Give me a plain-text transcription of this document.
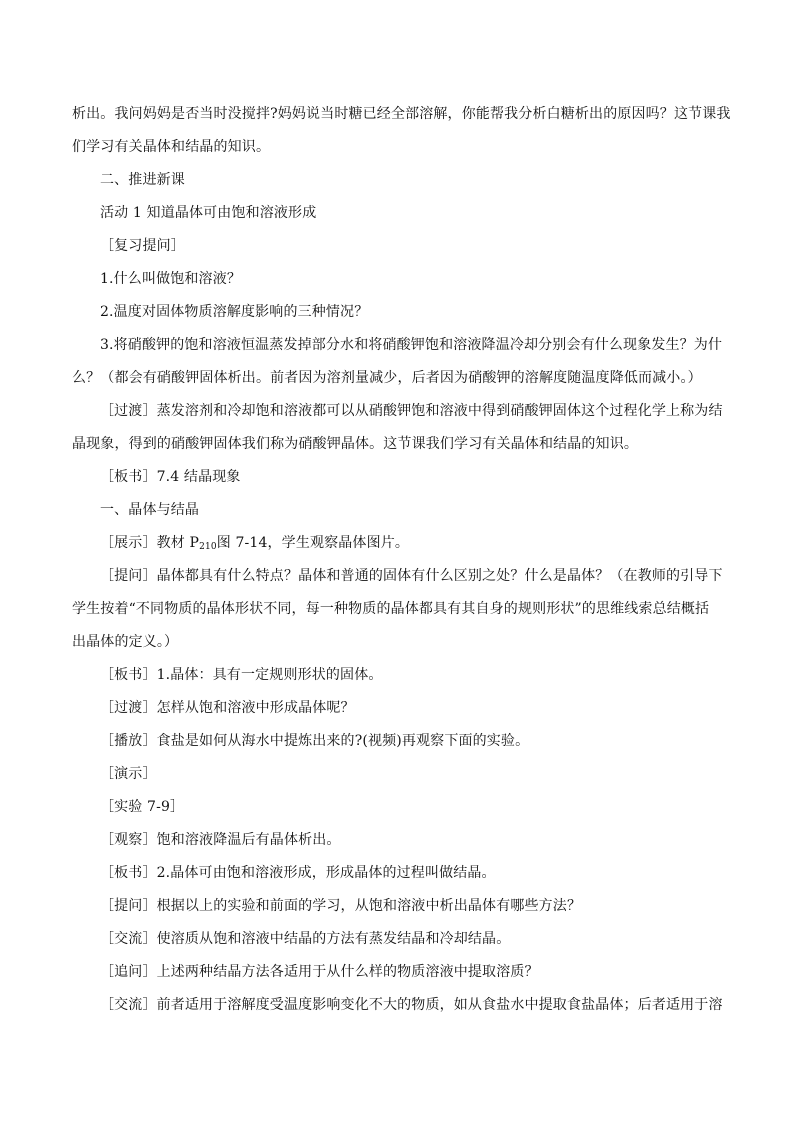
析出。我问妈妈是否当时没搅拌?妈妈说当时糖已经全部溶解，你能帮我分析白糖析出的原因吗？这节课我
们学习有关晶体和结晶的知识。
二、推进新课
活动 1 知道晶体可由饱和溶液形成
［复习提问］
1.什么叫做饱和溶液？
2.温度对固体物质溶解度影响的三种情况？
3.将硝酸钾的饱和溶液恒温蒸发掉部分水和将硝酸钾饱和溶液降温冷却分别会有什么现象发生？为什
么？（都会有硝酸钾固体析出。前者因为溶剂量减少，后者因为硝酸钾的溶解度随温度降低而减小。）
［过渡］蒸发溶剂和冷却饱和溶液都可以从硝酸钾饱和溶液中得到硝酸钾固体这个过程化学上称为结
晶现象，得到的硝酸钾固体我们称为硝酸钾晶体。这节课我们学习有关晶体和结晶的知识。
［板书］7.4 结晶现象
一、晶体与结晶
［展示］教材 $P_{210}$图 7-14，学生观察晶体图片。
［提问］晶体都具有什么特点？晶体和普通的固体有什么区别之处？什么是晶体？（在教师的引导下
学生按着“不同物质的晶体形状不同，每一种物质的晶体都具有其自身的规则形状”的思维线索总结概括
出晶体的定义。）
［板书］1.晶体：具有一定规则形状的固体。
［过渡］怎样从饱和溶液中形成晶体呢？
［播放］食盐是如何从海水中提炼出来的?(视频)再观察下面的实验。
［演示］
［实验 7-9］
［观察］饱和溶液降温后有晶体析出。
［板书］2.晶体可由饱和溶液形成，形成晶体的过程叫做结晶。
［提问］根据以上的实验和前面的学习，从饱和溶液中析出晶体有哪些方法？
［交流］使溶质从饱和溶液中结晶的方法有蒸发结晶和冷却结晶。
［追问］上述两种结晶方法各适用于从什么样的物质溶液中提取溶质？
［交流］前者适用于溶解度受温度影响变化不大的物质，如从食盐水中提取食盐晶体；后者适用于溶
